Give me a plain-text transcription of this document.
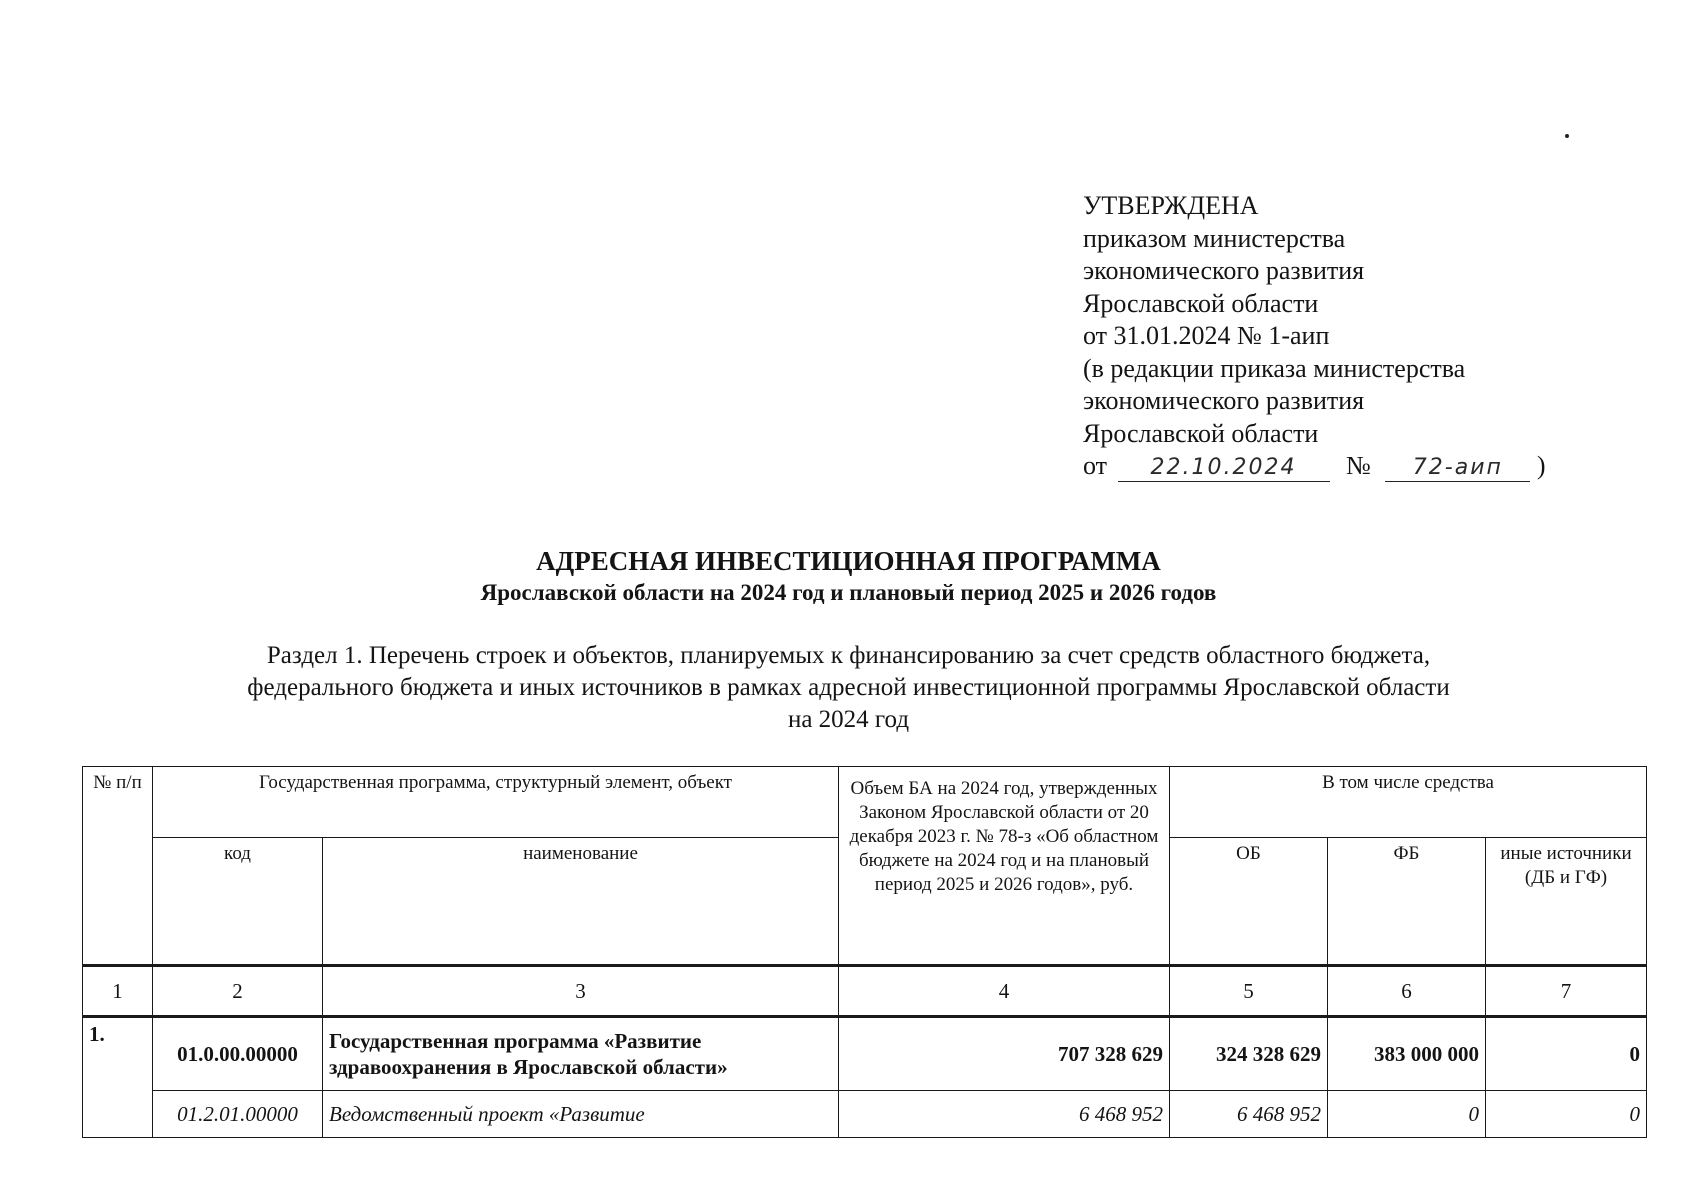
УТВЕРЖДЕНА
приказом министерства
экономического развития
Ярославской области
от 31.01.2024 № 1-аип
(в редакции приказа министерства
экономического развития
Ярославской области
от 22.10.2024 № 72-аип )
АДРЕСНАЯ ИНВЕСТИЦИОННАЯ ПРОГРАММА
Ярославской области на 2024 год и плановый период 2025 и 2026 годов
Раздел 1. Перечень строек и объектов, планируемых к финансированию за счет средств областного бюджета,
федерального бюджета и иных источников в рамках адресной инвестиционной программы Ярославской области
на 2024 год
№ п/п	Государственная программа, структурный элемент, объект		Объем БА на 2024 год, утвержденных Законом Ярославской области от 20 декабря 2023 г. № 78-з «Об областном бюджете на 2024 год и на плановый период 2025 и 2026 годов», руб.	В том числе средства		
	код	наименование		ОБ	ФБ	иные источники (ДБ и ГФ)
1	2	3	4	5	6	7
1.	01.0.00.00000	Государственная программа «Развитие здравоохранения в Ярославской области»	707 328 629	324 328 629	383 000 000	0
	01.2.01.00000	Ведомственный проект «Развитие	6 468 952	6 468 952	0	0
